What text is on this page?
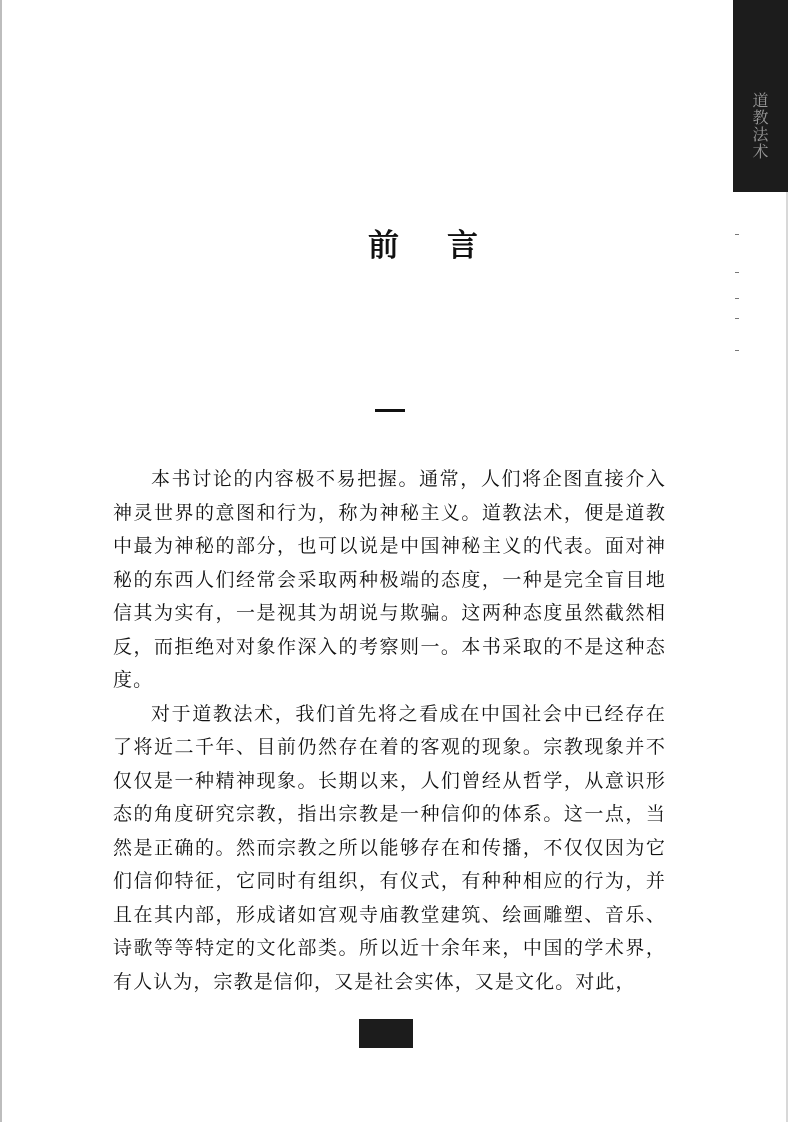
道教法术
前言

本书讨论的内容极不易把握。通常，人们将企图直接介入神灵世界的意图和行为，称为神秘主义。道教法术，便是道教中最为神秘的部分，也可以说是中国神秘主义的代表。面对神秘的东西人们经常会采取两种极端的态度，一种是完全盲目地信其为实有，一是视其为胡说与欺骗。这两种态度虽然截然相反，而拒绝对对象作深入的考察则一。本书采取的不是这种态度。

对于道教法术，我们首先将之看成在中国社会中已经存在了将近二千年、目前仍然存在着的客观的现象。宗教现象并不仅仅是一种精神现象。长期以来，人们曾经从哲学，从意识形态的角度研究宗教，指出宗教是一种信仰的体系。这一点，当然是正确的。然而宗教之所以能够存在和传播，不仅仅因为它们信仰特征，它同时有组织，有仪式，有种种相应的行为，并且在其内部，形成诸如宫观寺庙教堂建筑、绘画雕塑、音乐、诗歌等等特定的文化部类。所以近十余年来，中国的学术界，有人认为，宗教是信仰，又是社会实体，又是文化。对此，
